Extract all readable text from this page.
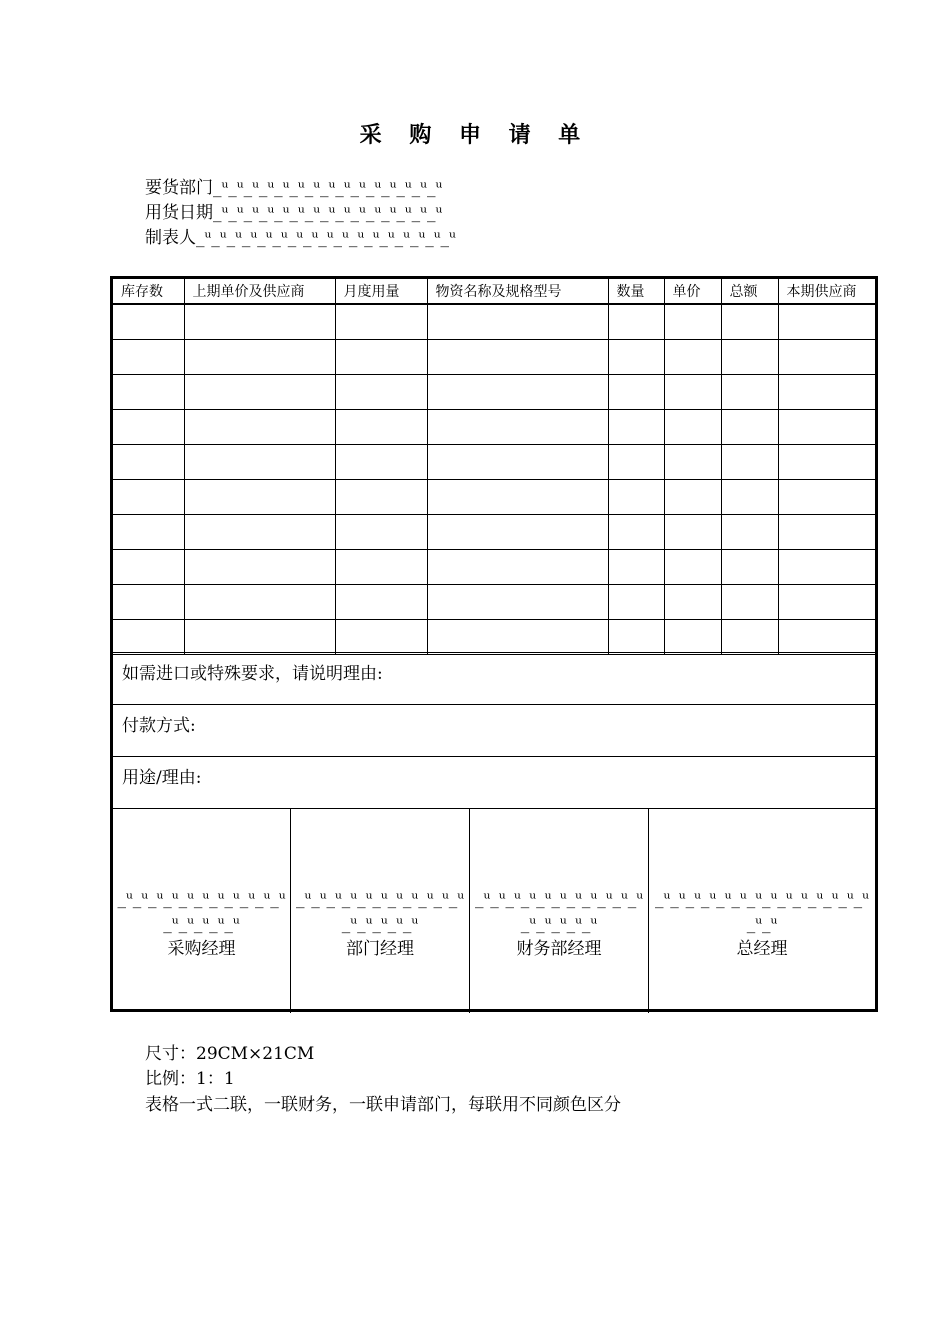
采 购 申 请 单
要货部门_ᵘ_ᵘ_ᵘ_ᵘ_ᵘ_ᵘ_ᵘ_ᵘ_ᵘ_ᵘ_ᵘ_ᵘ_ᵘ_ᵘ_ᵘ
用货日期_ᵘ_ᵘ_ᵘ_ᵘ_ᵘ_ᵘ_ᵘ_ᵘ_ᵘ_ᵘ_ᵘ_ᵘ_ᵘ_ᵘ_ᵘ
制表人_ᵘ_ᵘ_ᵘ_ᵘ_ᵘ_ᵘ_ᵘ_ᵘ_ᵘ_ᵘ_ᵘ_ᵘ_ᵘ_ᵘ_ᵘ_ᵘ_ᵘ
库存数	上期单价及供应商	月度用量	物资名称及规格型号	数量	单价	总额	本期供应商

如需进口或特殊要求，请说明理由:
付款方式:
用途/理由:
_ᵘ_ᵘ_ᵘ_ᵘ_ᵘ_ᵘ_ᵘ_ᵘ_ᵘ_ᵘ_ᵘ_ᵘ_ᵘ_ᵘ_ᵘ_ᵘ
采购经理
_ᵘ_ᵘ_ᵘ_ᵘ_ᵘ_ᵘ_ᵘ_ᵘ_ᵘ_ᵘ_ᵘ_ᵘ_ᵘ_ᵘ_ᵘ_ᵘ
部门经理
_ᵘ_ᵘ_ᵘ_ᵘ_ᵘ_ᵘ_ᵘ_ᵘ_ᵘ_ᵘ_ᵘ_ᵘ_ᵘ_ᵘ_ᵘ_ᵘ
财务部经理
_ᵘ_ᵘ_ᵘ_ᵘ_ᵘ_ᵘ_ᵘ_ᵘ_ᵘ_ᵘ_ᵘ_ᵘ_ᵘ_ᵘ_ᵘ_ᵘ
总经理
尺寸：29CM×21CM
比例：1：1
表格一式二联，一联财务，一联申请部门，每联用不同颜色区分
